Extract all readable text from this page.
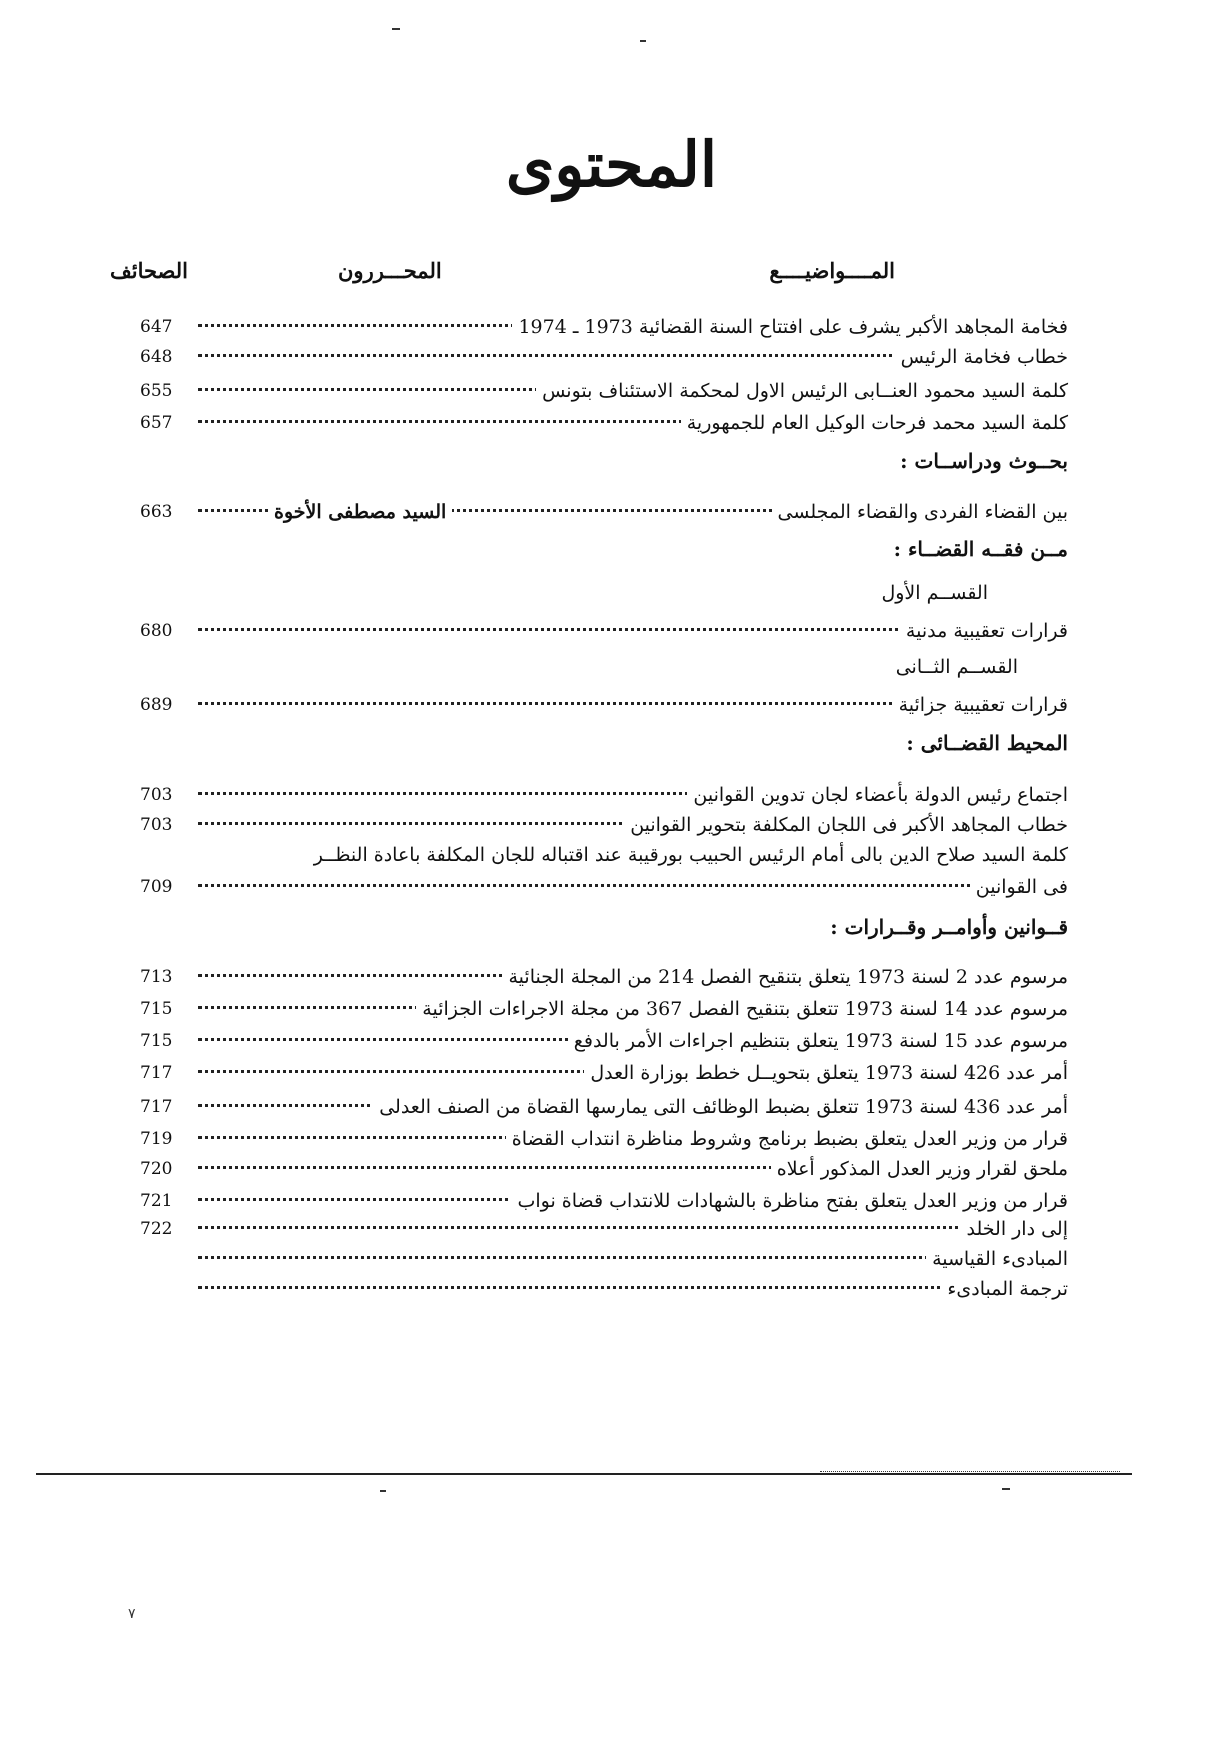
المحتوى
المــــواضيــــع
المحـــررون
الصحائف
فخامة المجاهد الأكبر يشرف على افتتاح السنة القضائية 1973 ـ 1974
647
خطاب فخامة الرئيس
648
كلمة السيد محمود العنــابى الرئيس الاول لمحكمة الاستئناف بتونس
655
كلمة السيد محمد فرحات الوكيل العام للجمهورية
657
بحــوث ودراســات :
بين القضاء الفردى والقضاء المجلسى
السيد مصطفى الأخوة
663
مــن فقــه القضــاء :
القســم الأول
قرارات تعقيبية مدنية
680
القســم الثــانى
قرارات تعقيبية جزائية
689
المحيط القضــائى :
اجتماع رئيس الدولة بأعضاء لجان تدوين القوانين
703
خطاب المجاهد الأكبر فى اللجان المكلفة بتحوير القوانين
703
كلمة السيد صلاح الدين بالى أمام الرئيس الحبيب بورقيبة عند اقتباله للجان المكلفة باعادة النظــر
فى القوانين
709
قــوانين وأوامــر وقــرارات :
مرسوم عدد 2 لسنة 1973 يتعلق بتنقيح الفصل 214 من المجلة الجنائية
713
مرسوم عدد 14 لسنة 1973 تتعلق بتنقيح الفصل 367 من مجلة الاجراءات الجزائية
715
مرسوم عدد 15 لسنة 1973 يتعلق بتنظيم اجراءات الأمر بالدفع
715
أمر عدد 426 لسنة 1973 يتعلق بتحويــل خطط بوزارة العدل
717
أمر عدد 436 لسنة 1973 تتعلق بضبط الوظائف التى يمارسها القضاة من الصنف العدلى
717
قرار من وزير العدل يتعلق بضبط برنامج وشروط مناظرة انتداب القضاة
719
ملحق لقرار وزير العدل المذكور أعلاه
720
قرار من وزير العدل يتعلق بفتح مناظرة بالشهادات للانتداب قضاة نواب
721
إلى دار الخلد
722
المبادىء القياسية
ترجمة المبادىء
٧
